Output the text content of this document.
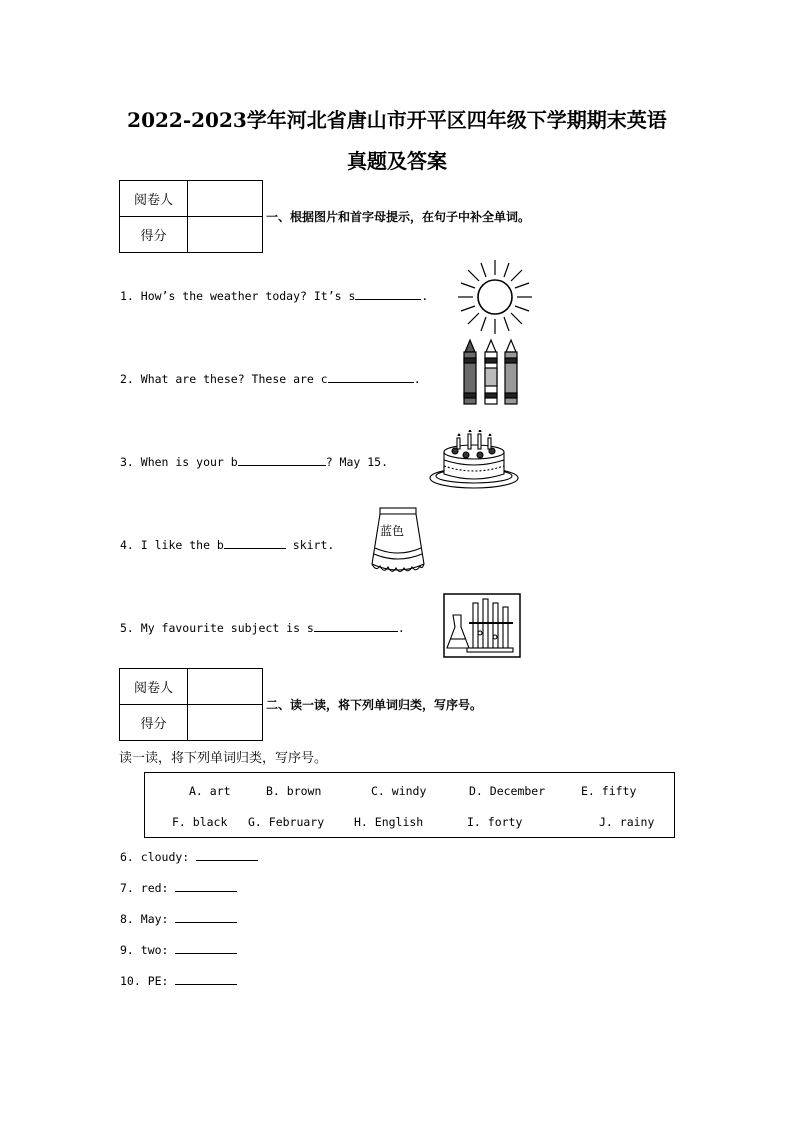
2022-2023学年河北省唐山市开平区四年级下学期期末英语
真题及答案
阅卷人	
得分	
一、根据图片和首字母提示，在句子中补全单词。
1. How’s the weather today? It’s s	.
2. What are these? These are c	.
3. When is your b	? May 15.
4. I like the b	skirt.
5. My favourite subject is s	.
蓝色
阅卷人	
得分	
二、读一读，将下列单词归类，写序号。
读一读，将下列单词归类，写序号。
A. art	B. brown	C. windy	D. December	E. fifty
F. black G. February	H. English	I. forty	J. rainy
6. cloudy:
7. red:
8. May:
9. two:
10. PE:
